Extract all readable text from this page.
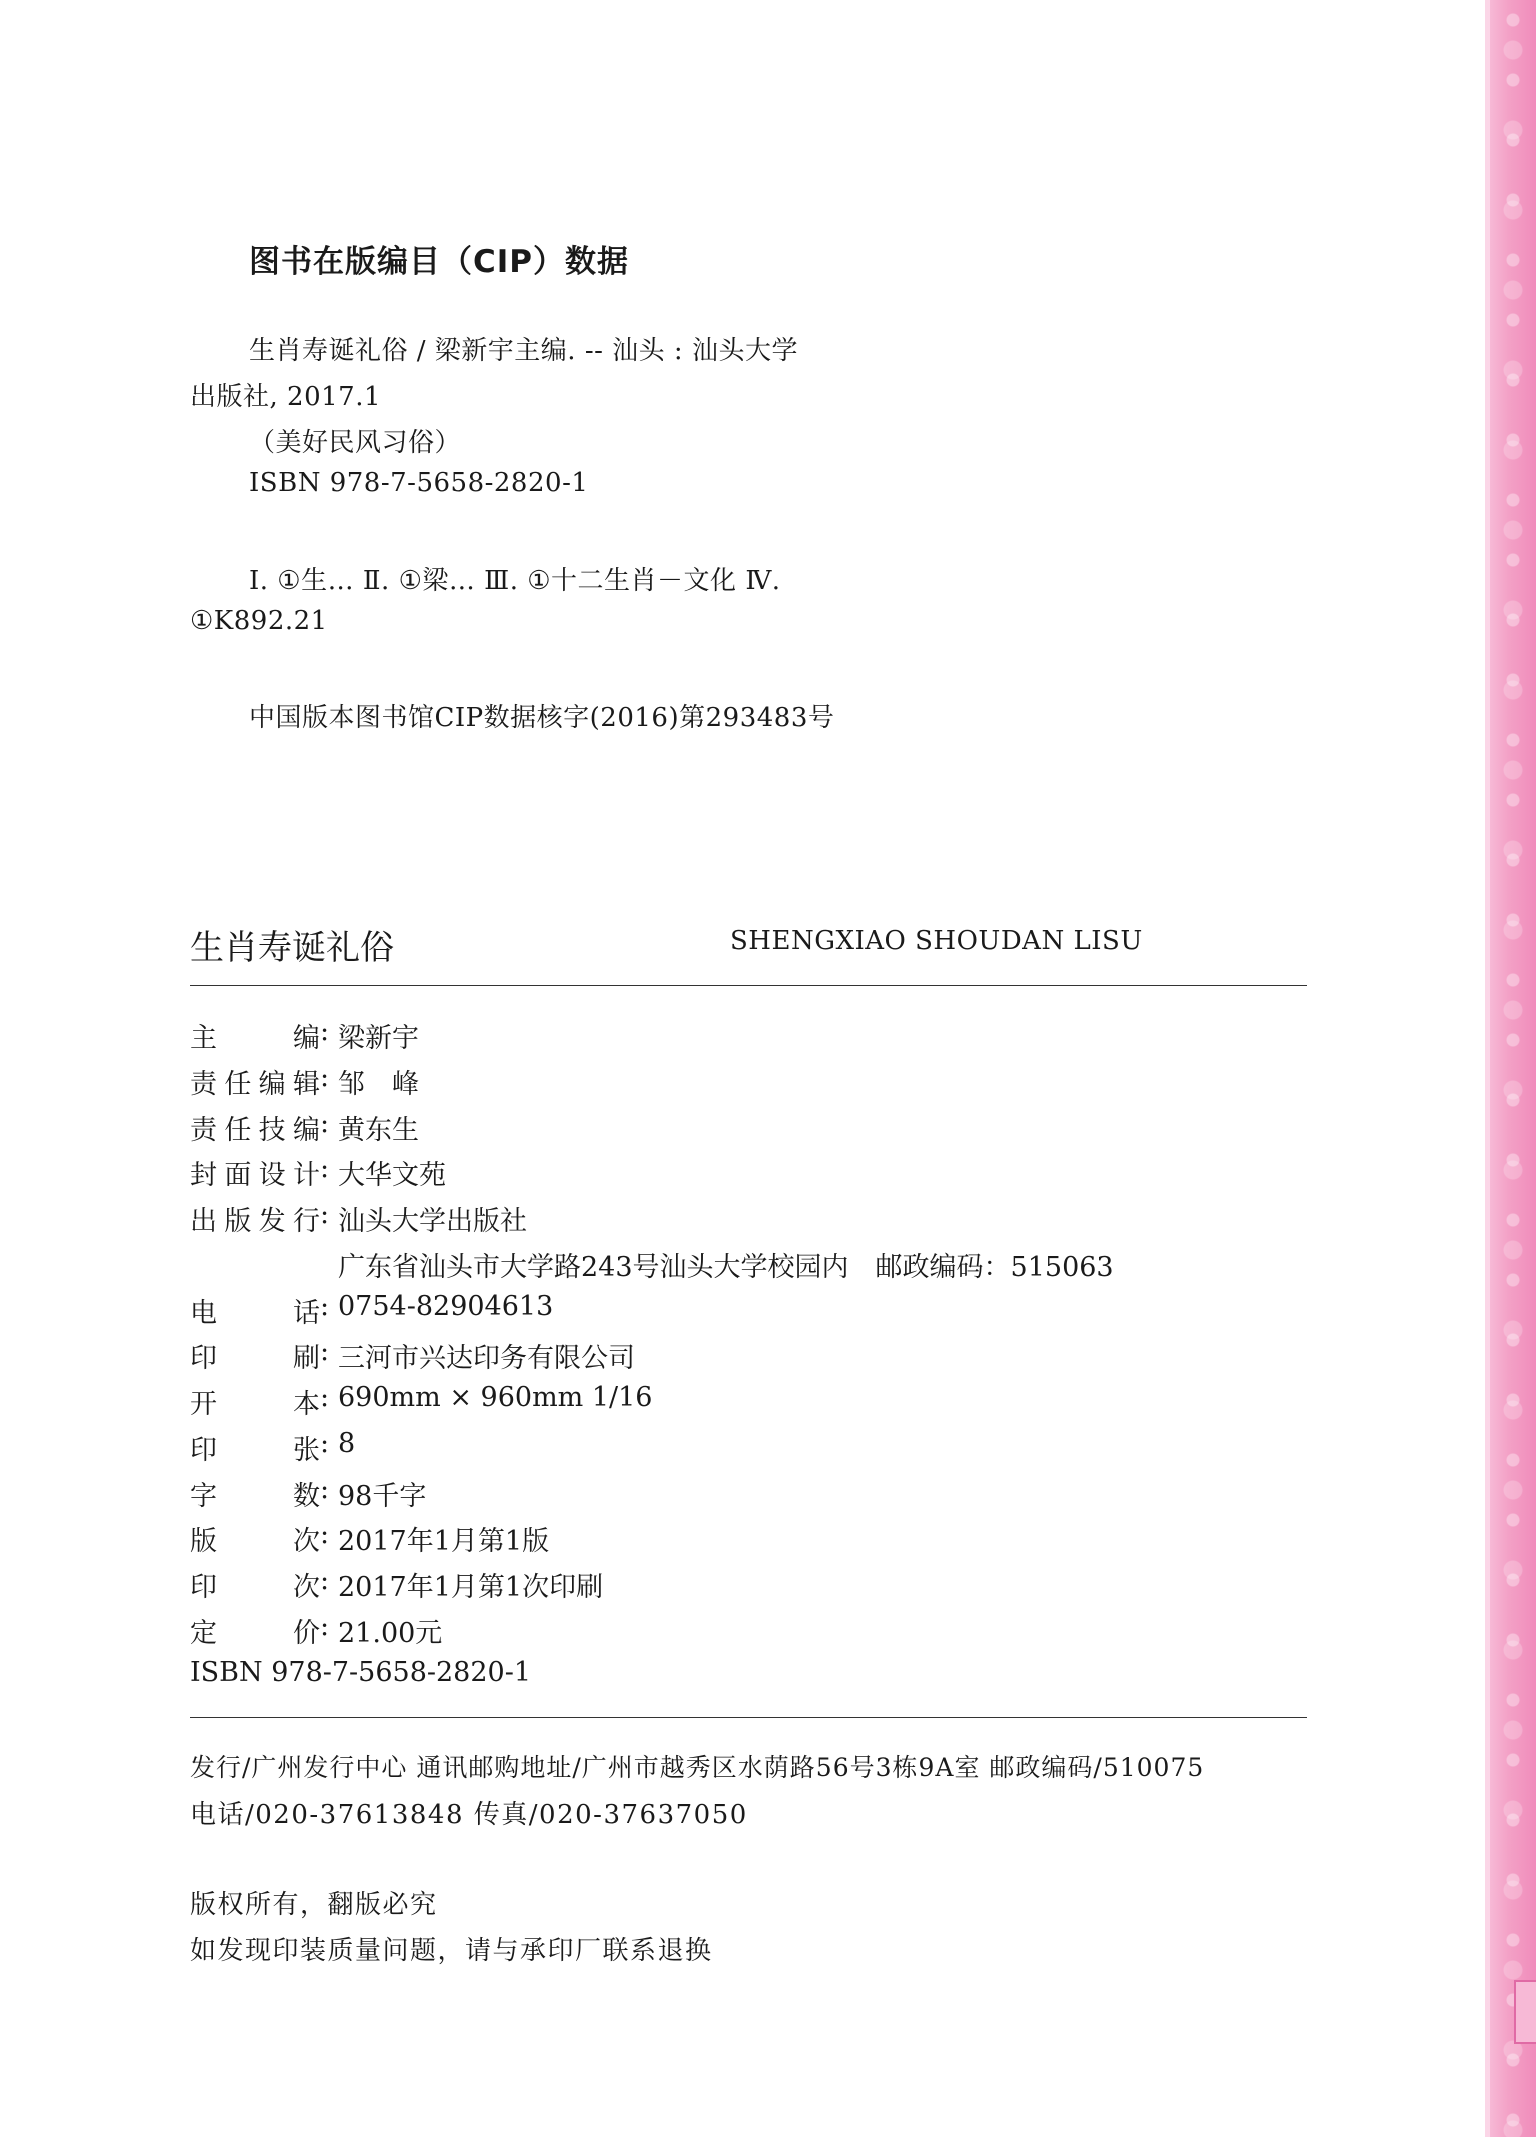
图书在版编目（CIP）数据
生肖寿诞礼俗 / 梁新宇主编. -- 汕头 : 汕头大学
出版社, 2017.1
（美好民风习俗）
ISBN 978-7-5658-2820-1
Ⅰ. ①生… Ⅱ. ①梁… Ⅲ. ①十二生肖－文化 Ⅳ.
①K892.21
中国版本图书馆CIP数据核字(2016)第293483号
生肖寿诞礼俗	SHENGXIAO SHOUDAN LISU
主编 : 梁新宇
责任编辑 : 邹　峰
责任技编 : 黄东生
封面设计 : 大华文苑
出版发行 : 汕头大学出版社
广东省汕头市大学路243号汕头大学校园内　邮政编码：515063
电话 : 0754-82904613
印刷 : 三河市兴达印务有限公司
开本 : 690mm × 960mm 1/16
印张 : 8
字数 : 98千字
版次 : 2017年1月第1版
印次 : 2017年1月第1次印刷
定价 : 21.00元
ISBN 978-7-5658-2820-1
发行/广州发行中心 通讯邮购地址/广州市越秀区水荫路56号3栋9A室 邮政编码/510075
电话/020-37613848 传真/020-37637050
版权所有，翻版必究
如发现印装质量问题，请与承印厂联系退换
